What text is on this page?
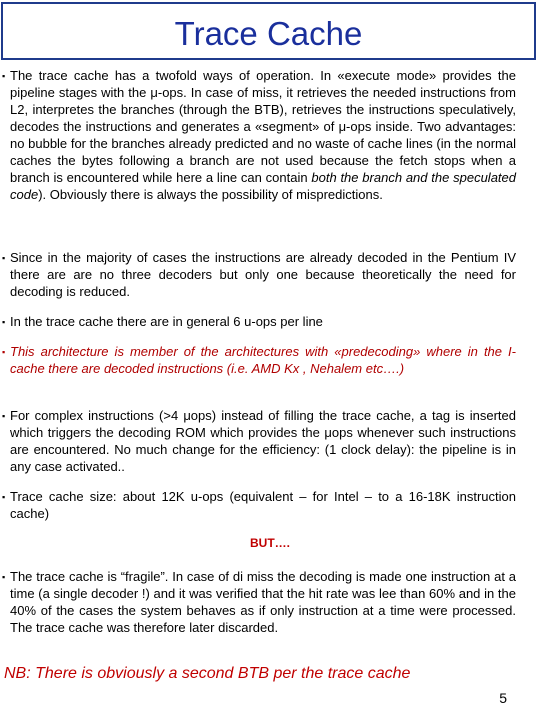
Trace Cache
▪ The trace cache has a twofold ways of operation. In «execute mode» provides the pipeline stages with the μ-ops. In case of miss, it retrieves the needed instructions from L2, interpretes the branches (through the BTB), retrieves the instructions speculatively, decodes the instructions and generates a «segment» of μ-ops inside. Two advantages: no bubble for the branches already predicted and no waste of cache lines (in the normal caches the bytes following a branch are not used because the fetch stops when a branch is encountered while here a line can contain both the branch and the speculated code). Obviously there is always the possibility of mispredictions.
▪ Since in the majority of cases the instructions are already decoded in the Pentium IV there are are no three decoders but only one because theoretically the need for decoding is reduced.
▪ In the trace cache there are in general 6 u-ops per line
▪ This architecture is member of the architectures with «predecoding» where in the I-cache there are decoded instructions (i.e. AMD Kx , Nehalem etc….)
▪ For complex instructions (>4 μops) instead of filling the trace cache, a tag is inserted which triggers the decoding ROM which provides the μops whenever such instructions are encountered. No much change for the efficiency: (1 clock delay): the pipeline is in any case activated..
▪ Trace cache size: about 12K u-ops (equivalent – for Intel – to a 16-18K instruction cache)
BUT….
▪ The trace cache is “fragile”. In case of di miss the decoding is made one instruction at a time (a single decoder !) and it was verified that the hit rate was lee than 60% and in the 40% of the cases the system behaves as if only instruction at a time were processed. The trace cache was therefore later discarded.
NB: There is obviously a second BTB per the trace cache
5
